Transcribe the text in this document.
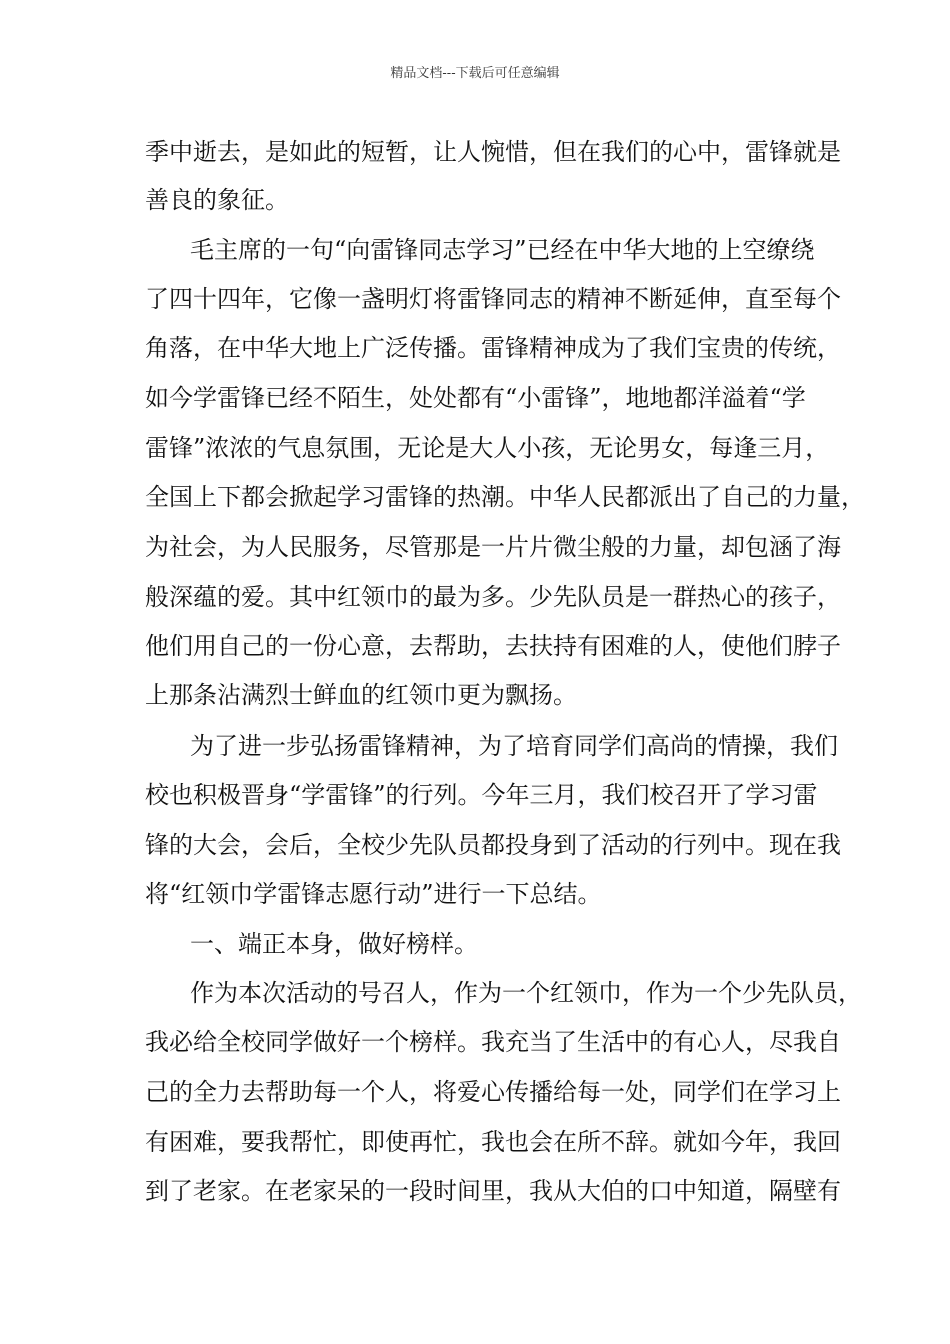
精品文档---下载后可任意编辑
季中逝去，是如此的短暂，让人惋惜，但在我们的心中，雷锋就是
善良的象征。
毛主席的一句“向雷锋同志学习”已经在中华大地的上空缭绕
了四十四年，它像一盏明灯将雷锋同志的精神不断延伸，直至每个
角落，在中华大地上广泛传播。雷锋精神成为了我们宝贵的传统，
如今学雷锋已经不陌生，处处都有“小雷锋”，地地都洋溢着“学
雷锋”浓浓的气息氛围，无论是大人小孩，无论男女，每逢三月，
全国上下都会掀起学习雷锋的热潮。中华人民都派出了自己的力量，
为社会，为人民服务，尽管那是一片片微尘般的力量，却包涵了海
般深蕴的爱。其中红领巾的最为多。少先队员是一群热心的孩子，
他们用自己的一份心意，去帮助，去扶持有困难的人，使他们脖子
上那条沾满烈士鲜血的红领巾更为飘扬。
为了进一步弘扬雷锋精神，为了培育同学们高尚的情操，我们
校也积极晋身“学雷锋”的行列。今年三月，我们校召开了学习雷
锋的大会，会后，全校少先队员都投身到了活动的行列中。现在我
将“红领巾学雷锋志愿行动”进行一下总结。
一、端正本身，做好榜样。
作为本次活动的号召人，作为一个红领巾，作为一个少先队员，
我必给全校同学做好一个榜样。我充当了生活中的有心人，尽我自
己的全力去帮助每一个人，将爱心传播给每一处，同学们在学习上
有困难，要我帮忙，即使再忙，我也会在所不辞。就如今年，我回
到了老家。在老家呆的一段时间里，我从大伯的口中知道，隔壁有
